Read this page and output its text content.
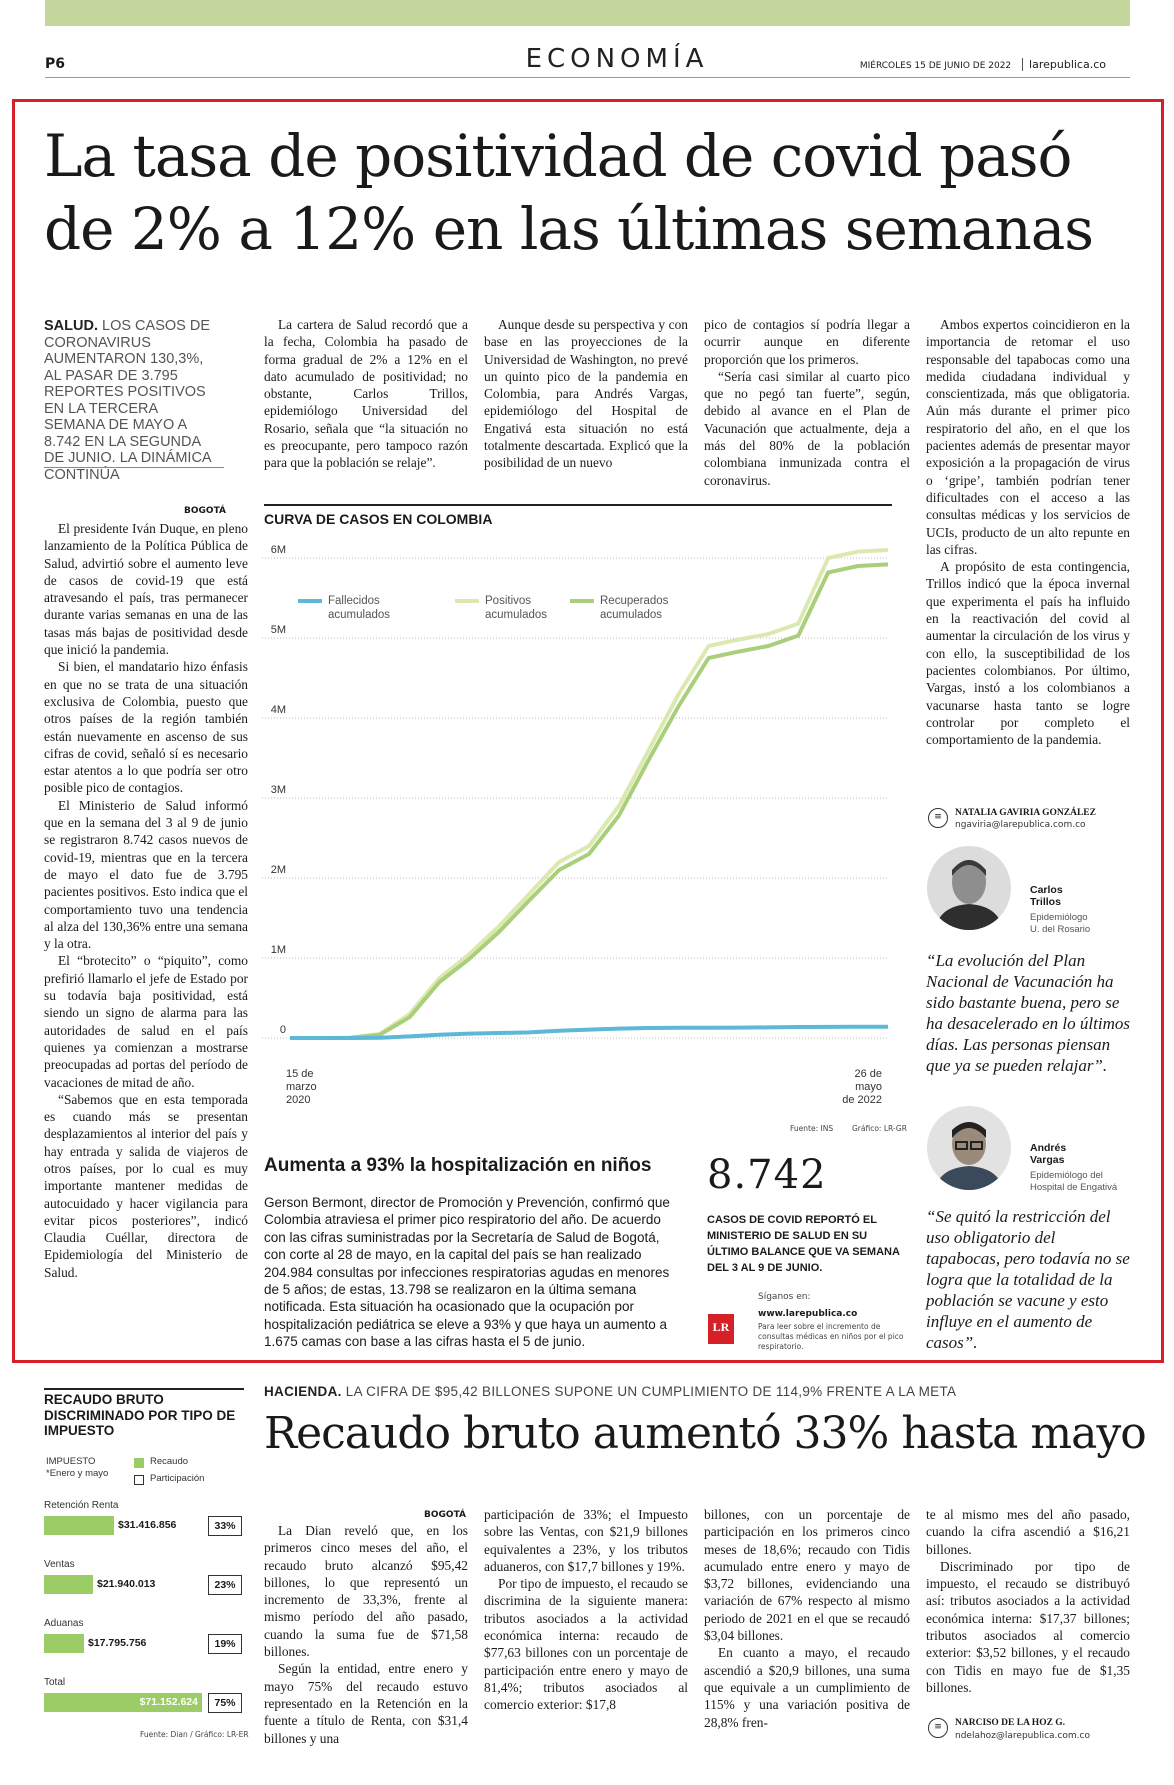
P6	ECONOMÍA	MIÉRCOLES 15 DE JUNIO DE 2022 larepublica.co
La tasa de positividad de covid pasó
de 2% a 12% en las últimas semanas
SALUD. LOS CASOS DE CORONAVIRUS AUMENTARON 130,3%, AL PASAR DE 3.795 REPORTES POSITIVOS EN LA TERCERA SEMANA DE MAYO A 8.742 EN LA SEGUNDA DE JUNIO. LA DINÁMICA CONTINÚA
BOGOTÁ

El presidente Iván Duque, en pleno lanzamiento de la Política Pública de Salud, advirtió sobre el aumento leve de casos de covid-19 que está atravesando el país, tras permanecer durante varias semanas en una de las tasas más bajas de positividad desde que inició la pandemia.

Si bien, el mandatario hizo énfasis en que no se trata de una situación exclusiva de Colombia, puesto que otros países de la región también están nuevamente en ascenso de sus cifras de covid, señaló sí es necesario estar atentos a lo que podría ser otro posible pico de contagios.

El Ministerio de Salud informó que en la semana del 3 al 9 de junio se registraron 8.742 casos nuevos de covid-19, mientras que en la tercera de mayo el dato fue de 3.795 pacientes positivos. Esto indica que el comportamiento tuvo una tendencia al alza del 130,36% entre una semana y la otra.

El “brotecito” o “piquito”, como prefirió llamarlo el jefe de Estado por su todavía baja positividad, está siendo un signo de alarma para las autoridades de salud en el país quienes ya comienzan a mostrarse preocupadas ad portas del período de vacaciones de mitad de año.

“Sabemos que en esta temporada es cuando más se presentan desplazamientos al interior del país y hay entrada y salida de viajeros de otros países, por lo cual es muy importante mantener medidas de autocuidado y hacer vigilancia para evitar picos posteriores”, indicó Claudia Cuéllar, directora de Epidemiología del Ministerio de Salud.

La cartera de Salud recordó que a la fecha, Colombia ha pasado de forma gradual de 2% a 12% en el dato acumulado de positividad; no obstante, Carlos Trillos, epidemiólogo Universidad del Rosario, señala que “la situación no es preocupante, pero tampoco razón para que la población se relaje”.

Aunque desde su perspectiva y con base en las proyecciones de la Universidad de Washington, no prevé un quinto pico de la pandemia en Colombia, para Andrés Vargas, epidemiólogo del Hospital de Engativá esta situación no está totalmente descartada. Explicó que la posibilidad de un nuevo

pico de contagios sí podría llegar a ocurrir aunque en diferente proporción que los primeros.

“Sería casi similar al cuarto pico que no pegó tan fuerte”, según, debido al avance en el Plan de Vacunación que actualmente, deja a más del 80% de la población colombiana inmunizada contra el coronavirus.

Ambos expertos coincidieron en la importancia de retomar el uso responsable del tapabocas como una medida ciudadana individual y conscientizada, más que obligatoria. Aún más durante el primer pico respiratorio del año, en el que los pacientes además de presentar mayor exposición a la propagación de virus o ‘gripe’, también podrían tener dificultades con el acceso a las consultas médicas y los servicios de UCIs, producto de un alto repunte en las cifras.

A propósito de esta contingencia, Trillos indicó que la época invernal que experimenta el país ha influido en la reactivación del covid al aumentar la circulación de los virus y con ello, la susceptibilidad de los pacientes colombianos. Por último, Vargas, instó a los colombianos a vacunarse hasta tanto se logre controlar por completo el comportamiento de la pandemia.

≡	NATALIA GAVIRIA GONZÁLEZ
ngaviria@larepublica.com.co
Carlos
Trillos
Epidemiólogo
U. del Rosario
“La evolución del Plan Nacional de Vacunación ha sido bastante buena, pero se ha desacelerado en lo últimos días. Las personas piensan que ya se pueden relajar”.
Andrés
Vargas
Epidemiólogo del
Hospital de Engativá
“Se quitó la restricción del uso obligatorio del tapabocas, pero todavía no se logra que la totalidad de la población se vacune y esto influye en el aumento de casos”.
CURVA DE CASOS EN COLOMBIA
0
1M
2M
3M
4M
5M
6M
Fallecidos
acumulados
Positivos
acumulados
Recuperados
acumulados
15 de
marzo
2020
26 de
mayo
de 2022
Fuente: INS	Gráfico: LR-GR
Aumenta a 93% la hospitalización en niños
Gerson Bermont, director de Promoción y Prevención, confirmó que Colombia atraviesa el primer pico respiratorio del año. De acuerdo con las cifras suministradas por la Secretaría de Salud de Bogotá, con corte al 28 de mayo, en la capital del país se han realizado 204.984 consultas por infecciones respiratorias agudas en menores de 5 años; de estas, 13.798 se realizaron en la última semana notificada. Esta situación ha ocasionado que la ocupación por hospitalización pediátrica se eleve a 93% y que haya un aumento a 1.675 camas con base a las cifras hasta el 5 de junio.
8.742
CASOS DE COVID REPORTÓ EL MINISTERIO DE SALUD EN SU ÚLTIMO BALANCE QUE VA SEMANA DEL 3 AL 9 DE JUNIO.
Síganos en:
LR
www.larepublica.co
Para leer sobre el incremento de consultas médicas en niños por el pico respiratorio.
RECAUDO BRUTO DISCRIMINADO POR TIPO DE IMPUESTO
IMPUESTO
*Enero y mayo
Recaudo
Participación
Retención Renta
$31.416.856	33%
Ventas
$21.940.013	23%
Aduanas
$17.795.756	19%
Total
$71.152.624	75%
Fuente: Dian / Gráfico: LR-ER
HACIENDA. LA CIFRA DE $95,42 BILLONES SUPONE UN CUMPLIMIENTO DE 114,9% FRENTE A LA META
Recaudo bruto aumentó 33% hasta mayo
BOGOTÁ

La Dian reveló que, en los primeros cinco meses del año, el recaudo bruto alcanzó $95,42 billones, lo que representó un incremento de 33,3%, frente al mismo período del año pasado, cuando la suma fue de $71,58 billones.

Según la entidad, entre enero y mayo 75% del recaudo estuvo representado en la Retención en la fuente a título de Renta, con $31,4 billones y una

participación de 33%; el Impuesto sobre las Ventas, con $21,9 billones equivalentes a 23%, y los tributos aduaneros, con $17,7 billones y 19%.

Por tipo de impuesto, el recaudo se discrimina de la siguiente manera: tributos asociados a la actividad económica interna: recaudo de $77,63 billones con un porcentaje de participación entre enero y mayo de 81,4%; tributos asociados al comercio exterior: $17,8

billones, con un porcentaje de participación en los primeros cinco meses de 18,6%; recaudo con Tidis acumulado entre enero y mayo de $3,72 billones, evidenciando una variación de 67% respecto al mismo periodo de 2021 en el que se recaudó $3,04 billones.

En cuanto a mayo, el recaudo ascendió a $20,9 billones, una suma que equivale a un cumplimiento de 115% y una variación positiva de 28,8% fren-

te al mismo mes del año pasado, cuando la cifra ascendió a $16,21 billones.

Discriminado por tipo de impuesto, el recaudo se distribuyó así: tributos asociados a la actividad económica interna: $17,37 billones; tributos asociados al comercio exterior: $3,52 billones, y el recaudo con Tidis en mayo fue de $1,35 billones.

≡	NARCISO DE LA HOZ G.
ndelahoz@larepublica.com.co
